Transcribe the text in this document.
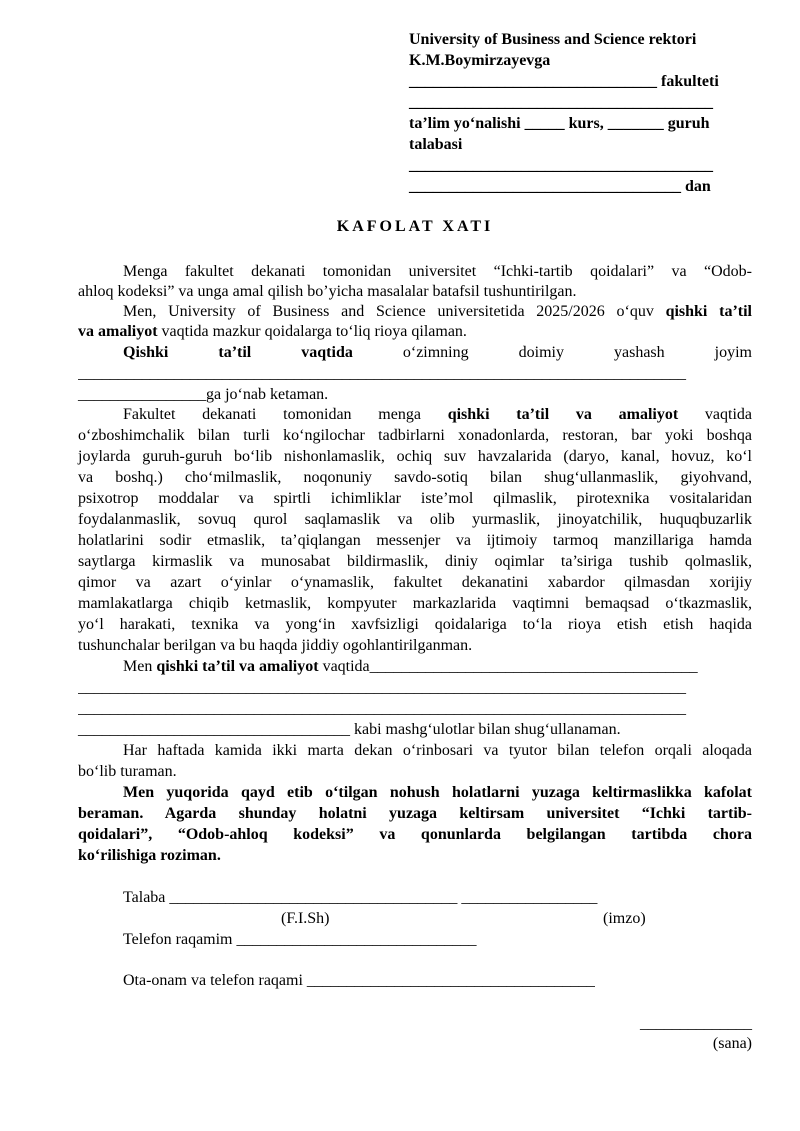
University of Business and Science rektori
K.M.Boymirzayevga
_______________________________ fakulteti
______________________________________
ta’lim yo‘nalishi _____ kurs, _______ guruh
talabasi
______________________________________
__________________________________ dan
KAFOLAT XATI
Menga fakultet dekanati tomonidan universitet “Ichki-tartib qoidalari” va “Odob-
ahloq kodeksi” va unga amal qilish bo’yicha masalalar batafsil tushuntirilgan.
Men, University of Business and Science universitetida 2025/2026 o‘quv qishki ta’til
va amaliyot vaqtida mazkur qoidalarga to‘liq rioya qilaman.
Qishki ta’til vaqtida o‘zimning doimiy yashash joyim
____________________________________________________________________________
________________ga jo‘nab ketaman.
Fakultet dekanati tomonidan menga qishki ta’til va amaliyot vaqtida
o‘zboshimchalik bilan turli ko‘ngilochar tadbirlarni xonadonlarda, restoran, bar yoki boshqa
joylarda guruh-guruh bo‘lib nishonlamaslik, ochiq suv havzalarida (daryo, kanal, hovuz, ko‘l
va boshq.) cho‘milmaslik, noqonuniy savdo-sotiq bilan shug‘ullanmaslik, giyohvand,
psixotrop moddalar va spirtli ichimliklar iste’mol qilmaslik, pirotexnika vositalaridan
foydalanmaslik, sovuq qurol saqlamaslik va olib yurmaslik, jinoyatchilik, huquqbuzarlik
holatlarini sodir etmaslik, ta’qiqlangan messenjer va ijtimoiy tarmoq manzillariga hamda
saytlarga kirmaslik va munosabat bildirmaslik, diniy oqimlar ta’siriga tushib qolmaslik,
qimor va azart o‘yinlar o‘ynamaslik, fakultet dekanatini xabardor qilmasdan xorijiy
mamlakatlarga chiqib ketmaslik, kompyuter markazlarida vaqtimni bemaqsad o‘tkazmaslik,
yo‘l harakati, texnika va yong‘in xavfsizligi qoidalariga to‘la rioya etish etish haqida
tushunchalar berilgan va bu haqda jiddiy ogohlantirilganman.
Men qishki ta’til va amaliyot vaqtida_________________________________________
____________________________________________________________________________
____________________________________________________________________________
__________________________________ kabi mashg‘ulotlar bilan shug‘ullanaman.
Har haftada kamida ikki marta dekan o‘rinbosari va tyutor bilan telefon orqali aloqada
bo‘lib turaman.
Men yuqorida qayd etib o‘tilgan nohush holatlarni yuzaga keltirmaslikka kafolat
beraman. Agarda shunday holatni yuzaga keltirsam universitet “Ichki tartib-
qoidalari”, “Odob-ahloq kodeksi” va qonunlarda belgilangan tartibda chora
ko‘rilishiga roziman.
Talaba ____________________________________ _________________
(F.I.Sh)	(imzo)
Telefon raqamim ______________________________
Ota-onam va telefon raqami ____________________________________
______________
(sana)
